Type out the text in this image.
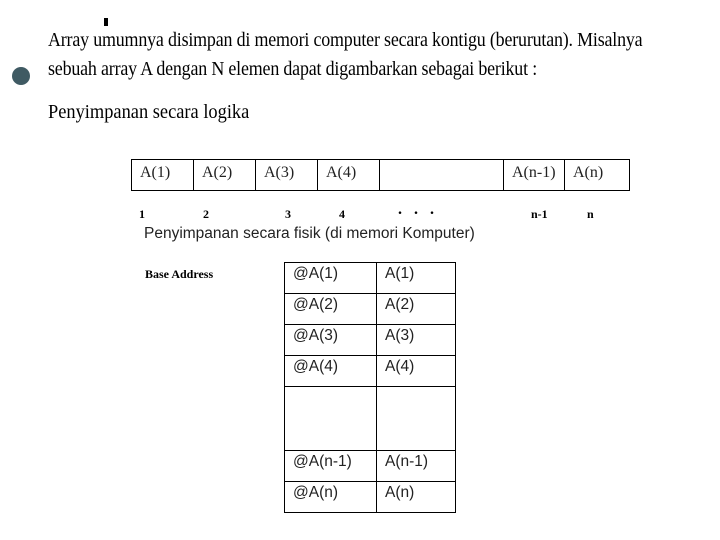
Array umumnya disimpan di memori computer secara kontigu (berurutan). Misalnya
sebuah array A dengan N elemen dapat digambarkan sebagai berikut :
Penyimpanan secara logika
A(1)	A(2)	A(3)	A(4)	A(n-1)	A(n)
1	2	3	4	. . .	n-1	n
Penyimpanan secara fisik (di memori Komputer)
Base Address	@A(1)	A(1)
@A(2)	A(2)
@A(3)	A(3)
@A(4)	A(4)

@A(n-1)	A(n-1)
@A(n)	A(n)
